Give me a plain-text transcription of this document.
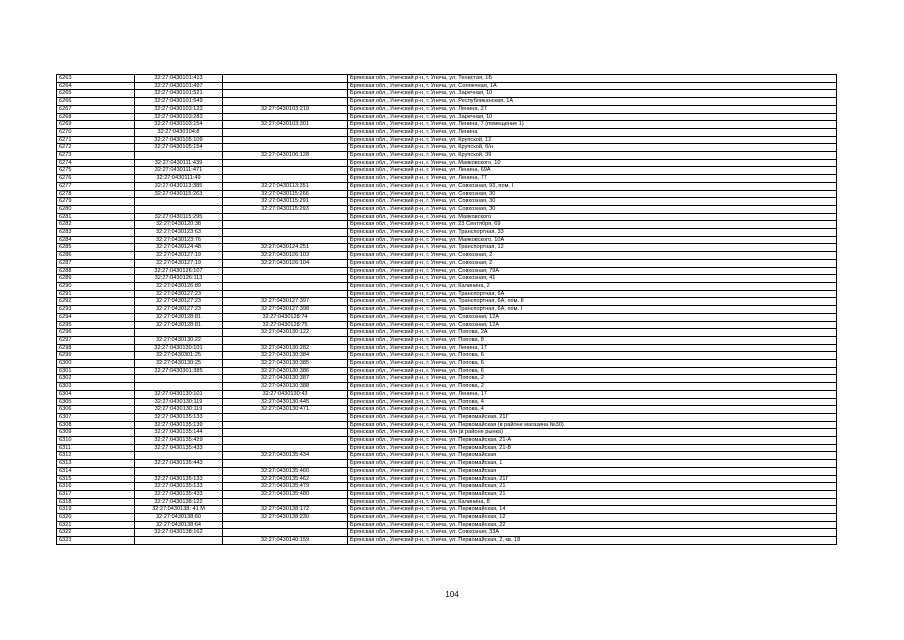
6263	32:27:0430101:413		Брянская обл., Унечский р-н, г. Унеча, ул. Тенистая, 1Б
6264	32:27:0430101:497		Брянская обл., Унечский р-н, г. Унеча, ул. Солнечная, 1А
6265	32:27:0430101:521		Брянская обл., Унечский р-н, г. Унеча, ул. Заречная, 10
6266	32:27:0430101:549		Брянская обл., Унечский р-н, г. Унеча, ул. Республиканская, 1А
6267	32:27:0430103:123	32:27:0430103:219	Брянская обл., Унечский р-н, г. Унеча, ул. Ленина, 27
6268	32:27:0430103:283		Брянская обл., Унечский р-н, г. Унеча, ул. Заречная, 10
6269	32:27:0430103:154	32:27:0430103:301	Брянская обл., Унечский р-н, г. Унеча, ул. Ленина, 7 (помещение 1)
6270	32:27:0430104:8		Брянская обл., Унечский р-н, г. Унеча, ул. Ленина
6271	32:27:0430105:109		Брянская обл., Унечский р-н, г. Унеча, ул. Крупской, 12
6272	32:27:0430105:154		Брянская обл., Унечский р-н, г. Унеча, ул. Крупской, б/н
6273		32:27:0430106:128	Брянская обл., Унечский р-н, г. Унеча, ул. Крупской, 39
6274	32:27:0430111:439		Брянская обл., Унечский р-н, г. Унеча, ул. Маяковского, 10
6275	32:27:0430111:471		Брянская обл., Унечский р-н, г. Унеча, ул. Ленина, 69А
6276	32:27:0430111:49		Брянская обл., Унечский р-н, г. Унеча, ул. Ленина, 77
6277	32:27:0430113:385	32:27:0430113:351	Брянская обл., Унечский р-н, г. Унеча, ул. Совхозная, 93, пом. I
6278	32:27:0430115:263	32:27:0430115:266	Брянская обл., Унечский р-н, г. Унеча, ул. Совхозная, 30
6279		32:27:0430115:291	Брянская обл., Унечский р-н, г. Унеча, ул. Совхозная, 30
6280		32:27:0430115:293	Брянская обл., Унечский р-н, г. Унеча, ул. Совхозная, 30
6281	32:27:0430115:295		Брянская обл., Унечский р-н, г. Унеча, ул. Маяковского
6282	32:27:0430120:38		Брянская обл., Унечский р-н, г. Унеча, ул. 23 Сентября, 69
6283	32:27:0430123:63		Брянская обл., Унечский р-н, г. Унеча, ул. Транспортная, 33
6284	32:27:0430123:76		Брянская обл., Унечский р-н, г. Унеча, ул. Маяковского, 10А
6285	32:27:0430124:48	32:27:0430124:251	Брянская обл., Унечский р-н, г. Унеча, ул. Транспортная, 12
6286	32:27:0430127:19	32:27:0430126:103	Брянская обл., Унечский р-н, г. Унеча, ул. Совхозная, 2
6287	32:27:0430127:19	32:27:0430126:104	Брянская обл., Унечский р-н, г. Унеча, ул. Совхозная, 2
6288	32:27:0430126:107		Брянская обл., Унечский р-н, г. Унеча, ул. Совхозная, 79А
6289	32:27:0430126:113		Брянская обл., Унечский р-н, г. Унеча, ул. Совхозная, 41
6290	32:27:0430126:89		Брянская обл., Унечский р-н, г. Унеча, ул. Калинина, 2
6291	32:27:0430127:23		Брянская обл., Унечский р-н, г.,Унеча, ул. Транспортная, 6А
6292	32:27:0430127:23	32:27:0430127:397	Брянская обл., Унечский р-н, г. Унеча, ул. Транспортная, 6А, пом. II
6293	32:27:0430127:23	32:27:0430127:398	Брянская обл., Унечский р-н, г. Унеча, ул. Транспортная, 6А, пом. I
6294	32:27:0430128:81	32:27:0430128:74	Брянская обл., Унечский р-н, г. Унеча, ул. Совхозная, 12А
6295	32:27:0430128:81	32:27:0430128:75	Брянская обл., Унечский р-н, г. Унеча, ул. Совхозная, 12А
6296		32:27:0430130:122	Брянская обл., Унечский р-н, г. Унеча, ул. Попова, 2А
6297	32:27:0430130:22		Брянская обл., Унечский р-н, г. Унеча, ул. Попова, 8
6298	32:27:0430130:101	32:27:0430130:282	Брянская обл., Унечский р-н, г. Унеча, ул. Ленина, 17
6299	32:27:0430301:25	32:27:0430130:384	Брянская обл., Унечский р-н, г. Унеча, ул. Попова, 6
6300	32:27:0430130:25	32:27:0430130:385	Брянская обл., Унечский р-н, г. Унеча, ул. Попова, 6
6301	32:27:0430301:385	32:27:0430130:386	Брянская обл., Унечский р-н, г. Унеча, ул. Попова, 6
6302		32:27:0430130:387	Брянская обл., Унечский р-н, г. Унеча, ул. Попова, 2
6303		32:27:0430130:388	Брянская обл., Унечский р-н, г. Унеча, ул. Попова, 2
6304	32:27:0430130:101	32:27:0430130:43	Брянская обл., Унечский р-н, г. Унеча, ул. Ленина, 17
6305	32:27:0430130:119	32:27:0430130:445	Брянская обл., Унечский р-н, г. Унеча, ул. Попова, 4
6306	32:27:0430130:119	32:27:0430130:471	Брянская обл., Унечский р-н, г. Унеча, ул. Попова, 4
6307	32:27:0430135:133		Брянская обл., Унечский р-н, г. Унеча, ул. Первомайская, 21Г
6308	32:27:0430135:139		Брянская обл., Унечский р-н, г. Унеча, ул. Первомайская (в районе магазина №30)
6309	32:27:0430135:144		Брянская обл., Унечский р-н, г. Унеча, б/н (в районе рынка)
6310	32:27:0430135:429		Брянская обл., Унечский р-н, г. Унеча, ул. Первомайская, 21-А
6311	32:27:0430135:433		Брянская обл., Унечский р-н, г. Унеча, ул. Первомайская, 21-В
6312		32:27:0430135:434	Брянская обл., Унечский р-н, г. Унеча, ул. Первомайская
6313	32:27:0430135:443		Брянская обл., Унечский р-н, г. Унеча, ул. Первомайская, 1
6314		32:27:0430135:460	Брянская обл., Унечский р-н, г. Унеча, ул. Первомайская
6315	32:27:0430135:133	32:27:0430135:462	Брянская обл., Унечский р-н, г. Унеча, ул. Первомайская, 21Г
6316	32:27:0430135:133	32:27:0430135:479	Брянская обл., Унечский р-н, г. Унеча, ул. Первомайская, 21
6317	32:27:0430135:433	32:27:0430135:480	Брянская обл., Унечский р-н, г. Унеча, ул. Первомайская, 21
6318	32:27:0430138:122		Брянская обл., Унечский р-н, г. Унеча, ул. Калинина, 8
6319	32:27:0430138: 41 М	32:27:0430138:172	Брянская обл., Унечский р-н, г. Унеча, ул. Первомайская, 14
6320	32:27:0430138:60	32:27:0430138:230	Брянская обл., Унечский р-н, г. Унеча, ул. Первомайская, 12
6321	32:27:0430138:64		Брянская обл., Унечский р-н, г. Унеча, ул. Первомайская, 22
6322	32:27:0430138:162		Брянская обл., Унечский р-н, г. Унеча, ул. Совхозная, 33А
6323		32:27:0430140:159	Брянская обл., Унечский р-н, г. Унеча, ул. Первомайская, 2, кв. 18
104
